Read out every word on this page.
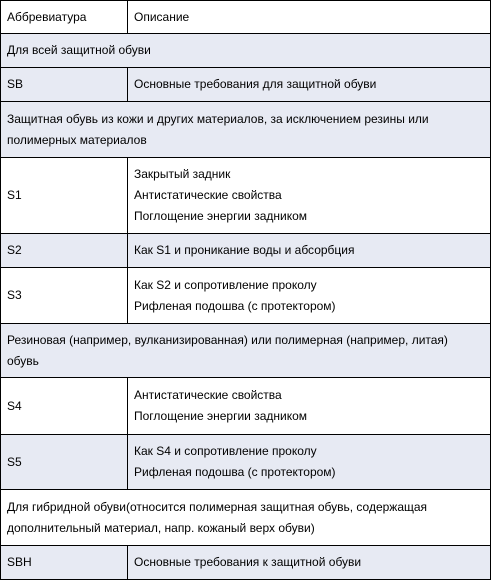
Аббревиатура	Описание
Для всей защитной обуви	
SB	Основные требования для защитной обуви

Защитная обувь из кожи и других материалов, за исключением резины или
полимерных материалов	

S1	Закрытый задник
Антистатические свойства
Поглощение энергии задником

S2	Как S1 и проникание воды и абсорбция

S3	Как S2 и сопротивление проколу
Рифленая подошва (с протектором)

Резиновая (например, вулканизированная) или полимерная (например, литая)
обувь	

S4	Антистатические свойства
Поглощение энергии задником

S5	Как S4 и сопротивление проколу
Рифленая подошва (с протектором)

Для гибридной обуви(относится полимерная защитная обувь, содержащая
дополнительный материал, напр. кожаный верх обуви)	

SBH	Основные требования к защитной обуви
